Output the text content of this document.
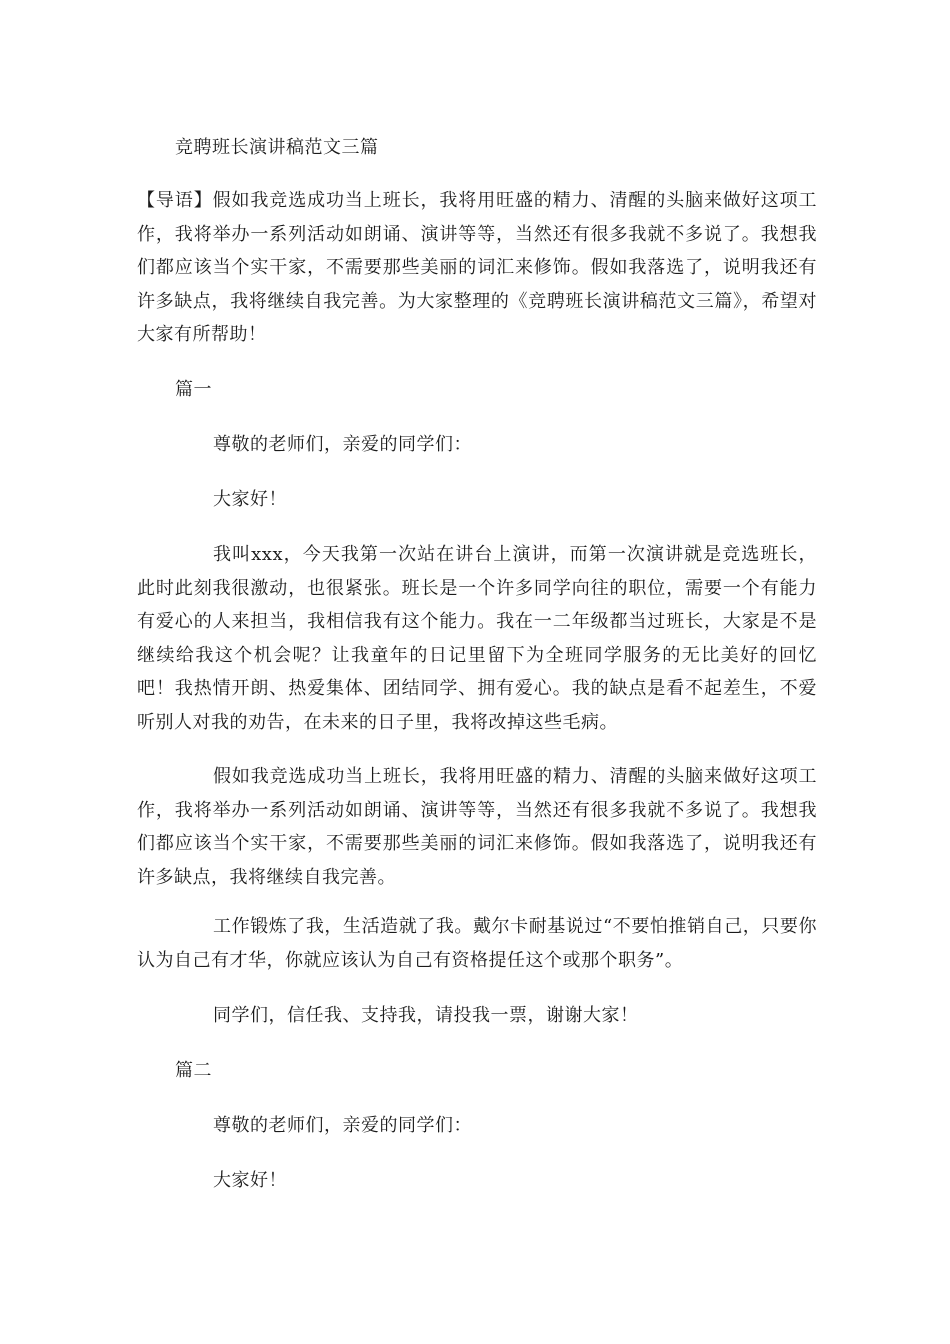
竞聘班长演讲稿范文三篇

【导语】假如我竞选成功当上班长，我将用旺盛的精力、清醒的头脑来做好这项工作，我将举办一系列活动如朗诵、演讲等等，当然还有很多我就不多说了。我想我们都应该当个实干家，不需要那些美丽的词汇来修饰。假如我落选了，说明我还有许多缺点，我将继续自我完善。为大家整理的《竞聘班长演讲稿范文三篇》，希望对大家有所帮助！

篇一

尊敬的老师们，亲爱的同学们：

大家好！

我叫xxx，今天我第一次站在讲台上演讲，而第一次演讲就是竞选班长，此时此刻我很激动，也很紧张。班长是一个许多同学向往的职位，需要一个有能力有爱心的人来担当，我相信我有这个能力。我在一二年级都当过班长，大家是不是继续给我这个机会呢？让我童年的日记里留下为全班同学服务的无比美好的回忆吧！我热情开朗、热爱集体、团结同学、拥有爱心。我的缺点是看不起差生，不爱听别人对我的劝告，在未来的日子里，我将改掉这些毛病。

假如我竞选成功当上班长，我将用旺盛的精力、清醒的头脑来做好这项工作，我将举办一系列活动如朗诵、演讲等等，当然还有很多我就不多说了。我想我们都应该当个实干家，不需要那些美丽的词汇来修饰。假如我落选了，说明我还有许多缺点，我将继续自我完善。

工作锻炼了我，生活造就了我。戴尔卡耐基说过“不要怕推销自己，只要你认为自己有才华，你就应该认为自己有资格提任这个或那个职务”。

同学们，信任我、支持我，请投我一票，谢谢大家！

篇二

尊敬的老师们，亲爱的同学们：

大家好！
